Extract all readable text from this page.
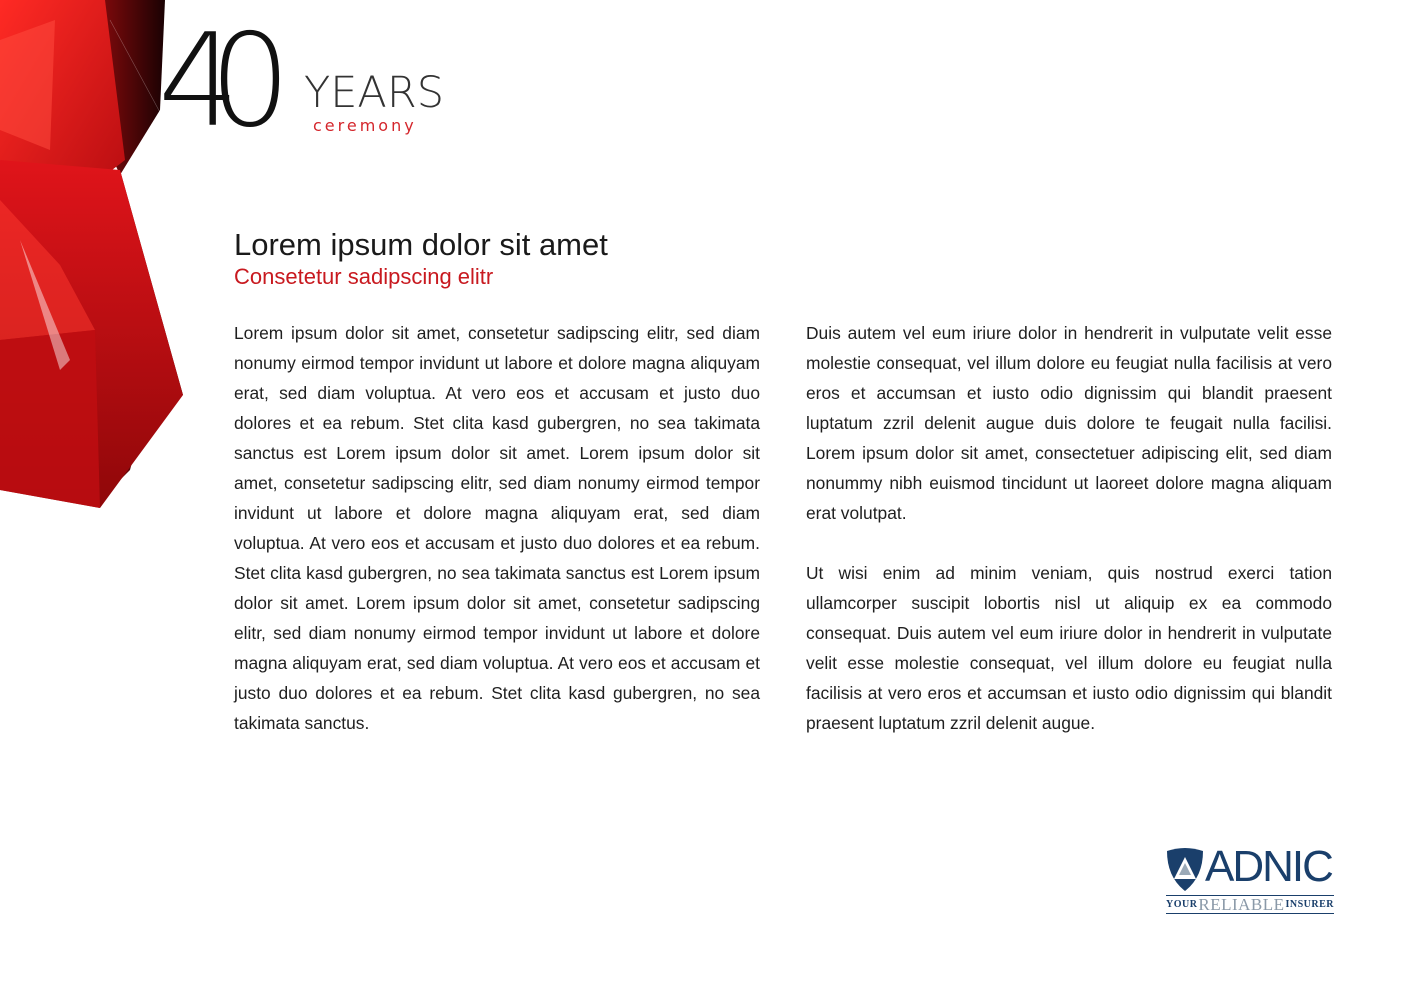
40 YEARS
ceremony
Lorem ipsum dolor sit amet
Consetetur sadipscing elitr

Lorem ipsum dolor sit amet, consetetur sadipscing elitr, sed diam nonumy eirmod tempor invidunt ut labore et dolore magna aliquyam erat, sed diam voluptua. At vero eos et accusam et justo duo dolores et ea rebum. Stet clita kasd gubergren, no sea takimata sanctus est Lorem ipsum dolor sit amet. Lorem ipsum dolor sit amet, consetetur sadipscing elitr, sed diam nonumy eirmod tempor invidunt ut labore et dolore magna aliquyam erat, sed diam voluptua. At vero eos et accusam et justo duo dolores et ea rebum. Stet clita kasd gubergren, no sea takimata sanctus est Lorem ipsum dolor sit amet. Lorem ipsum dolor sit amet, consetetur sadipscing elitr, sed diam nonumy eirmod tempor invidunt ut labore et dolore magna aliquyam erat, sed diam voluptua. At vero eos et accusam et justo duo dolores et ea rebum. Stet clita kasd gubergren, no sea takimata sanctus.

Duis autem vel eum iriure dolor in hendrerit in vulputate velit esse molestie consequat, vel illum dolore eu feugiat nulla facilisis at vero eros et accumsan et iusto odio dignissim qui blandit praesent luptatum zzril delenit augue duis dolore te feugait nulla facilisi. Lorem ipsum dolor sit amet, consectetuer adipiscing elit, sed diam nonummy nibh euismod tincidunt ut laoreet dolore magna aliquam erat volutpat.

Ut wisi enim ad minim veniam, quis nostrud exerci tation ullamcorper suscipit lobortis nisl ut aliquip ex ea commodo consequat. Duis autem vel eum iriure dolor in hendrerit in vulputate velit esse molestie consequat, vel illum dolore eu feugiat nulla facilisis at vero eros et accumsan et iusto odio dignissim qui blandit praesent luptatum zzril delenit augue.

ADNIC
YOUR RELIABLE INSURER
